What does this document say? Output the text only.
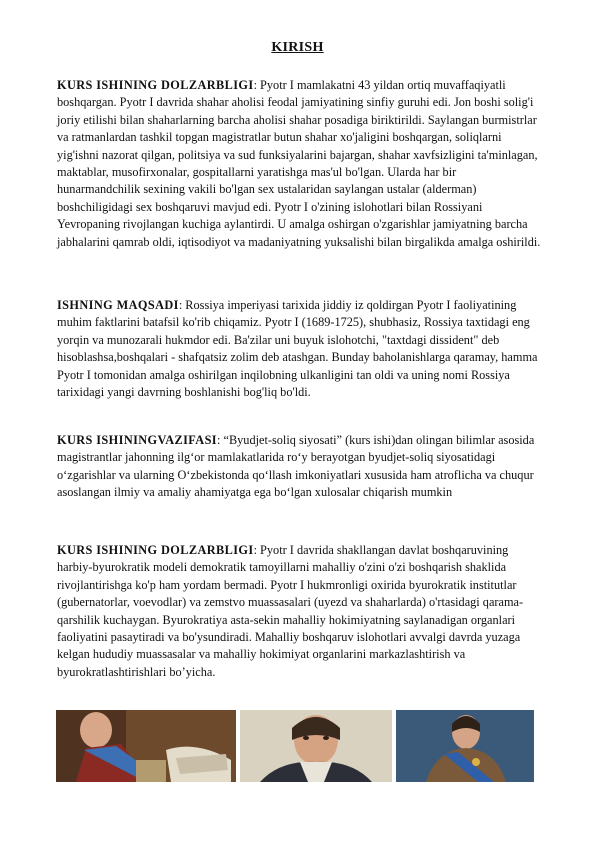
KIRISH
KURS ISHINING DOLZARBLIGI: Pyotr I mamlakatni 43 yildan ortiq muvaffaqiyatli boshqargan. Pyotr I davrida shahar aholisi feodal jamiyatining sinfiy guruhi edi. Jon boshi solig'i joriy etilishi bilan shaharlarning barcha aholisi shahar posadiga biriktirildi. Saylangan burmistrlar va ratmanlardan tashkil topgan magistratlar butun shahar xo'jaligini boshqargan, soliqlarni yig'ishni nazorat qilgan, politsiya va sud funksiyalarini bajargan, shahar xavfsizligini ta'minlagan, maktablar, musofirxonalar, gospitallarni yaratishga mas'ul bo'lgan. Ularda har bir hunarmandchilik sexining vakili bo'lgan sex ustalaridan saylangan ustalar (alderman) boshchiligidagi sex boshqaruvi mavjud edi. Pyotr I o'zining islohotlari bilan Rossiyani Yevropaning rivojlangan kuchiga aylantirdi. U amalga oshirgan o'zgarishlar jamiyatning barcha jabhalarini qamrab oldi, iqtisodiyot va madaniyatning yuksalishi bilan birgalikda amalga oshirildi.
ISHNING MAQSADI: Rossiya imperiyasi tarixida jiddiy iz qoldirgan Pyotr I faoliyatining muhim faktlarini batafsil ko'rib chiqamiz. Pyotr I (1689-1725), shubhasiz, Rossiya taxtidagi eng yorqin va munozarali hukmdor edi. Ba'zilar uni buyuk islohotchi, "taxtdagi dissident" deb hisoblashsa,boshqalari - shafqatsiz zolim deb atashgan. Bunday baholanishlarga qaramay, hamma Pyotr I tomonidan amalga oshirilgan inqilobning ulkanligini tan oldi va uning nomi Rossiya tarixidagi yangi davrning boshlanishi bog'liq bo'ldi.
KURS ISHININGVAZIFASI: “Byudjet-soliq siyosati” (kurs ishi)dan olingan bilimlar asosida magistrantlar jahonning ilg‘or mamlakatlarida ro‘y berayotgan byudjet-soliq siyosatidagi o‘zgarishlar va ularning O‘zbekistonda qo‘llash imkoniyatlari xususida ham atroflicha va chuqur asoslangan ilmiy va amaliy ahamiyatga ega bo‘lgan xulosalar chiqarish mumkin
KURS ISHINING DOLZARBLIGI: Pyotr I davrida shakllangan davlat boshqaruvining harbiy-byurokratik modeli demokratik tamoyillarni mahalliy o'zini o'zi boshqarish shaklida rivojlantirishga ko'p ham yordam bermadi. Pyotr I hukmronligi oxirida byurokratik institutlar (gubernatorlar, voevodlar) va zemstvo muassasalari (uyezd va shaharlarda) o'rtasidagi qarama-qarshilik kuchaygan. Byurokratiya asta-sekin mahalliy hokimiyatning saylanadigan organlari faoliyatini pasaytiradi va bo'ysundiradi. Mahalliy boshqaruv islohotlari avvalgi davrda yuzaga kelgan hududiy muassasalar va mahalliy hokimiyat organlarini markazlashtirish va byurokratlashtirishlari bo’yicha.
